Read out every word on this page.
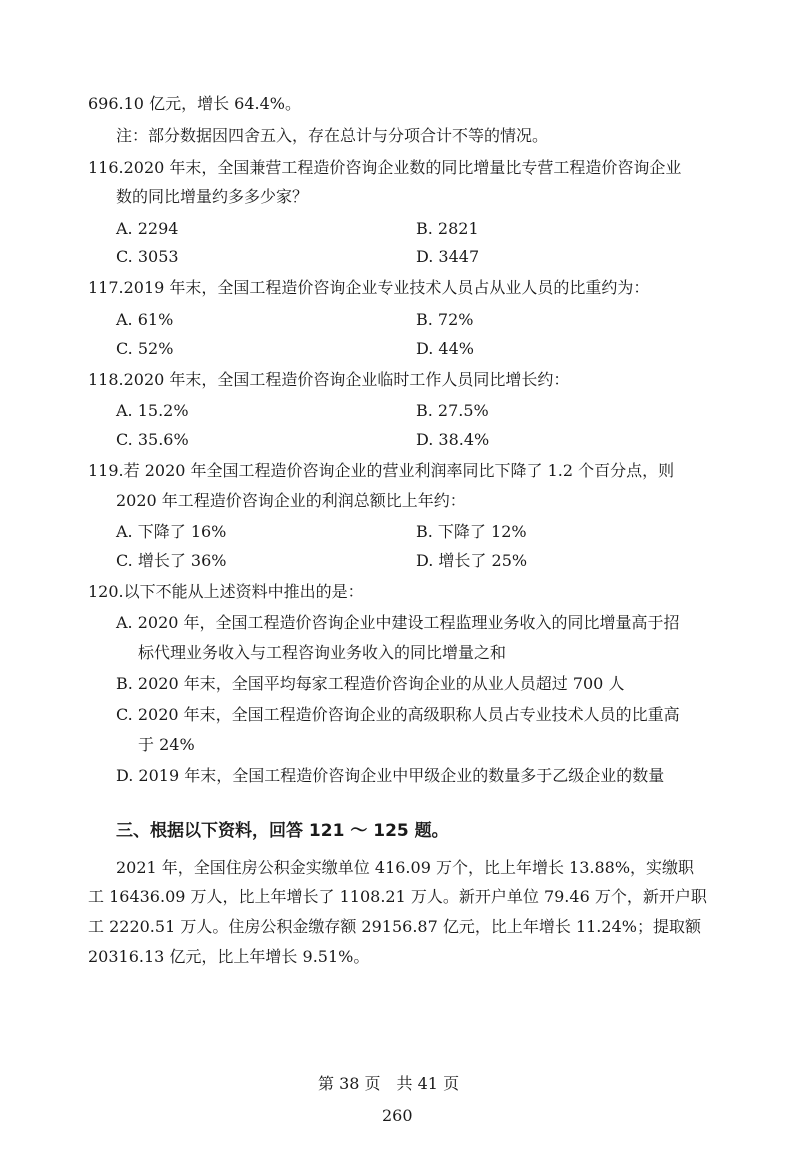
696.10 亿元，增长 64.4%。
注：部分数据因四舍五入，存在总计与分项合计不等的情况。
116.2020 年末，全国兼营工程造价咨询企业数的同比增量比专营工程造价咨询企业
数的同比增量约多多少家？
A. 2294	B. 2821
C. 3053	D. 3447
117.2019 年末，全国工程造价咨询企业专业技术人员占从业人员的比重约为：
A. 61%	B. 72%
C. 52%	D. 44%
118.2020 年末，全国工程造价咨询企业临时工作人员同比增长约：
A. 15.2%	B. 27.5%
C. 35.6%	D. 38.4%
119.若 2020 年全国工程造价咨询企业的营业利润率同比下降了 1.2 个百分点，则
2020 年工程造价咨询企业的利润总额比上年约：
A. 下降了 16%	B. 下降了 12%
C. 增长了 36%	D. 增长了 25%
120.以下不能从上述资料中推出的是：
A. 2020 年，全国工程造价咨询企业中建设工程监理业务收入的同比增量高于招
标代理业务收入与工程咨询业务收入的同比增量之和
B. 2020 年末，全国平均每家工程造价咨询企业的从业人员超过 700 人
C. 2020 年末，全国工程造价咨询企业的高级职称人员占专业技术人员的比重高
于 24%
D. 2019 年末，全国工程造价咨询企业中甲级企业的数量多于乙级企业的数量
三、根据以下资料，回答 121 ～ 125 题。
2021 年，全国住房公积金实缴单位 416.09 万个，比上年增长 13.88%，实缴职
工 16436.09 万人，比上年增长了 1108.21 万人。新开户单位 79.46 万个，新开户职
工 2220.51 万人。住房公积金缴存额 29156.87 亿元，比上年增长 11.24%；提取额
20316.13 亿元，比上年增长 9.51%。
第 38 页　共 41 页
260
